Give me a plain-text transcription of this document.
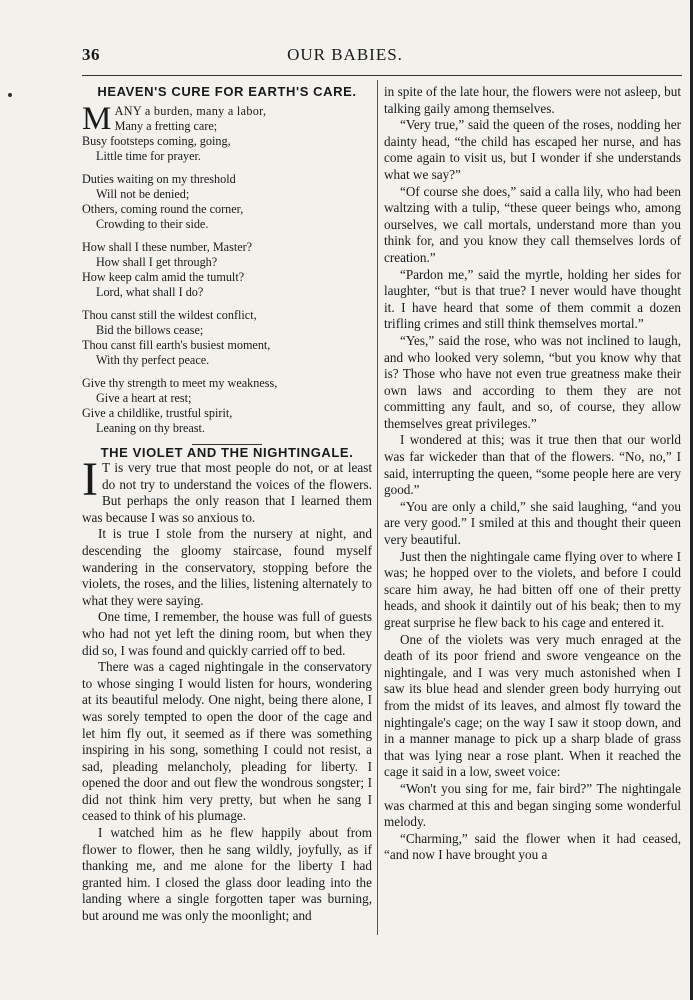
36	OUR BABIES.
HEAVEN'S CURE FOR EARTH'S CARE.
MANY a burden, many a labor,
Many a fretting care;
Busy footsteps coming, going,
Little time for prayer.
Duties waiting on my threshold
Will not be denied;
Others, coming round the corner,
Crowding to their side.
How shall I these number, Master?
How shall I get through?
How keep calm amid the tumult?
Lord, what shall I do?
Thou canst still the wildest conflict,
Bid the billows cease;
Thou canst fill earth's busiest moment,
With thy perfect peace.
Give thy strength to meet my weakness,
Give a heart at rest;
Give a childlike, trustful spirit,
Leaning on thy breast.
THE VIOLET AND THE NIGHTINGALE.

I T is very true that most people do not, or at least do not try to understand the voices of the flowers. But perhaps the only reason that I learned them was because I was so anxious to.

It is true I stole from the nursery at night, and descending the gloomy staircase, found myself wandering in the conservatory, stopping before the violets, the roses, and the lilies, listening alternately to what they were saying.

One time, I remember, the house was full of guests who had not yet left the dining room, but when they did so, I was found and quickly carried off to bed.

There was a caged nightingale in the conservatory to whose singing I would listen for hours, wondering at its beautiful melody. One night, being there alone, I was sorely tempted to open the door of the cage and let him fly out, it seemed as if there was something inspiring in his song, something I could not resist, a sad, pleading melancholy, pleading for liberty. I opened the door and out flew the wondrous songster; I did not think him very pretty, but when he sang I ceased to think of his plumage.

I watched him as he flew happily about from flower to flower, then he sang wildly, joyfully, as if thanking me, and me alone for the liberty I had granted him. I closed the glass door leading into the landing where a single forgotten taper was burning, but around me was only the moonlight; and

in spite of the late hour, the flowers were not asleep, but talking gaily among themselves.

“Very true,” said the queen of the roses, nodding her dainty head, “the child has escaped her nurse, and has come again to visit us, but I wonder if she understands what we say?”

“Of course she does,” said a calla lily, who had been waltzing with a tulip, “these queer beings who, among ourselves, we call mortals, understand more than you think for, and you know they call themselves lords of creation.”

“Pardon me,” said the myrtle, holding her sides for laughter, “but is that true? I never would have thought it. I have heard that some of them commit a dozen trifling crimes and still think themselves mortal.”

“Yes,” said the rose, who was not inclined to laugh, and who looked very solemn, “but you know why that is? Those who have not even true greatness make their own laws and according to them they are not committing any fault, and so, of course, they allow themselves great privileges.”

I wondered at this; was it true then that our world was far wickeder than that of the flowers. “No, no,” I said, interrupting the queen, “some people here are very good.”

“You are only a child,” she said laughing, “and you are very good.” I smiled at this and thought their queen very beautiful.

Just then the nightingale came flying over to where I was; he hopped over to the violets, and before I could scare him away, he had bitten off one of their pretty heads, and shook it daintily out of his beak; then to my great surprise he flew back to his cage and entered it.

One of the violets was very much enraged at the death of its poor friend and swore vengeance on the nightingale, and I was very much astonished when I saw its blue head and slender green body hurrying out from the midst of its leaves, and almost fly toward the nightingale's cage; on the way I saw it stoop down, and in a manner manage to pick up a sharp blade of grass that was lying near a rose plant. When it reached the cage it said in a low, sweet voice:

“Won't you sing for me, fair bird?” The nightingale was charmed at this and began singing some wonderful melody.

“Charming,” said the flower when it had ceased, “and now I have brought you a
